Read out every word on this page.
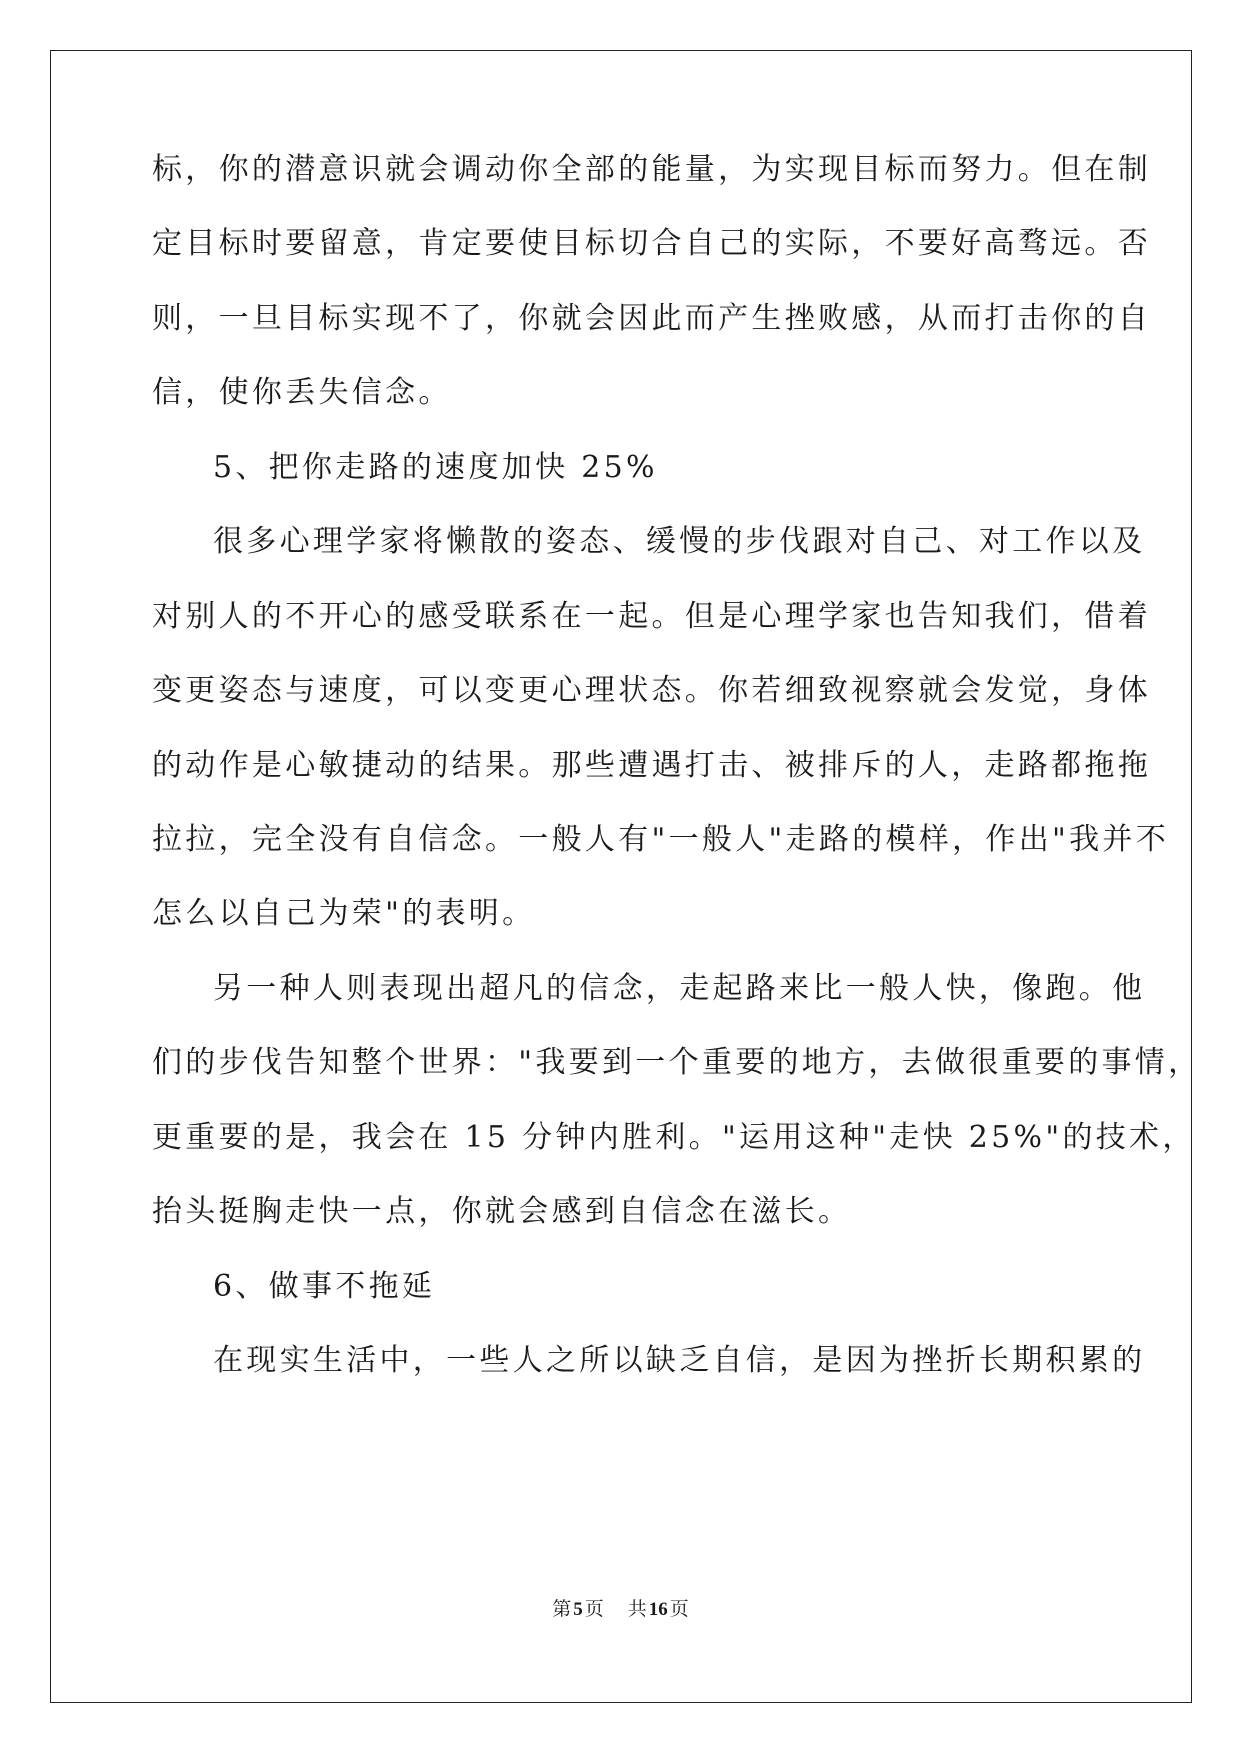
标，你的潜意识就会调动你全部的能量，为实现目标而努力。但在制
定目标时要留意，肯定要使目标切合自己的实际，不要好高骛远。否
则，一旦目标实现不了，你就会因此而产生挫败感，从而打击你的自
信，使你丢失信念。
5、把你走路的速度加快 25%
很多心理学家将懒散的姿态、缓慢的步伐跟对自己、对工作以及
对别人的不开心的感受联系在一起。但是心理学家也告知我们，借着
变更姿态与速度，可以变更心理状态。你若细致视察就会发觉，身体
的动作是心敏捷动的结果。那些遭遇打击、被排斥的人，走路都拖拖
拉拉，完全没有自信念。一般人有"一般人"走路的模样，作出"我并不
怎么以自己为荣"的表明。
另一种人则表现出超凡的信念，走起路来比一般人快，像跑。他
们的步伐告知整个世界："我要到一个重要的地方，去做很重要的事情，
更重要的是，我会在 15 分钟内胜利。"运用这种"走快 25%"的技术，
抬头挺胸走快一点，你就会感到自信念在滋长。
6、做事不拖延
在现实生活中，一些人之所以缺乏自信，是因为挫折长期积累的
第 5 页 共 16 页
